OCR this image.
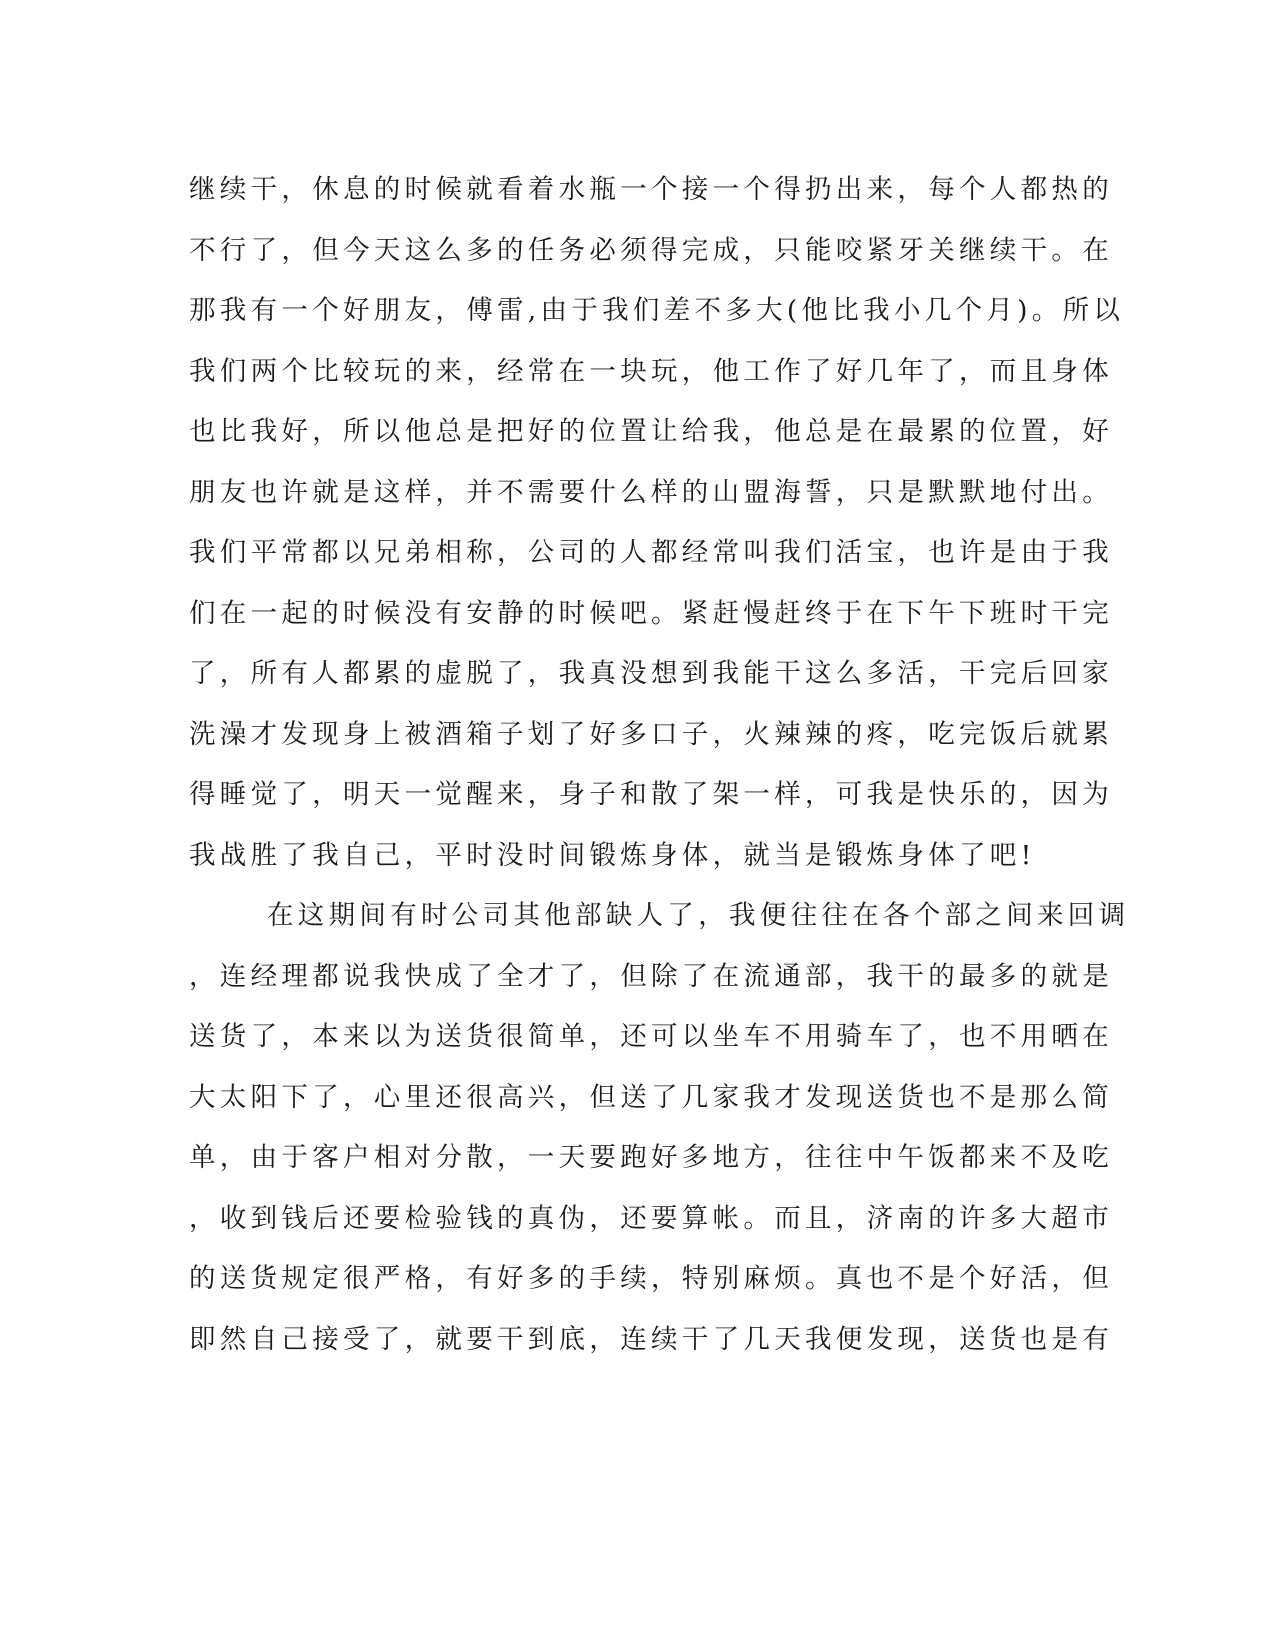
继续干，休息的时候就看着水瓶一个接一个得扔出来，每个人都热的
不行了，但今天这么多的任务必须得完成，只能咬紧牙关继续干。在
那我有一个好朋友，傅雷,由于我们差不多大(他比我小几个月)。所以
我们两个比较玩的来，经常在一块玩，他工作了好几年了，而且身体
也比我好，所以他总是把好的位置让给我，他总是在最累的位置，好
朋友也许就是这样，并不需要什么样的山盟海誓，只是默默地付出。
我们平常都以兄弟相称，公司的人都经常叫我们活宝，也许是由于我
们在一起的时候没有安静的时候吧。紧赶慢赶终于在下午下班时干完
了，所有人都累的虚脱了，我真没想到我能干这么多活，干完后回家
洗澡才发现身上被酒箱子划了好多口子，火辣辣的疼，吃完饭后就累
得睡觉了，明天一觉醒来，身子和散了架一样，可我是快乐的，因为
我战胜了我自己，平时没时间锻炼身体，就当是锻炼身体了吧!
在这期间有时公司其他部缺人了，我便往往在各个部之间来回调
，连经理都说我快成了全才了，但除了在流通部，我干的最多的就是
送货了，本来以为送货很简单，还可以坐车不用骑车了，也不用晒在
大太阳下了，心里还很高兴，但送了几家我才发现送货也不是那么简
单，由于客户相对分散，一天要跑好多地方，往往中午饭都来不及吃
，收到钱后还要检验钱的真伪，还要算帐。而且，济南的许多大超市
的送货规定很严格，有好多的手续，特别麻烦。真也不是个好活，但
即然自己接受了，就要干到底，连续干了几天我便发现，送货也是有
